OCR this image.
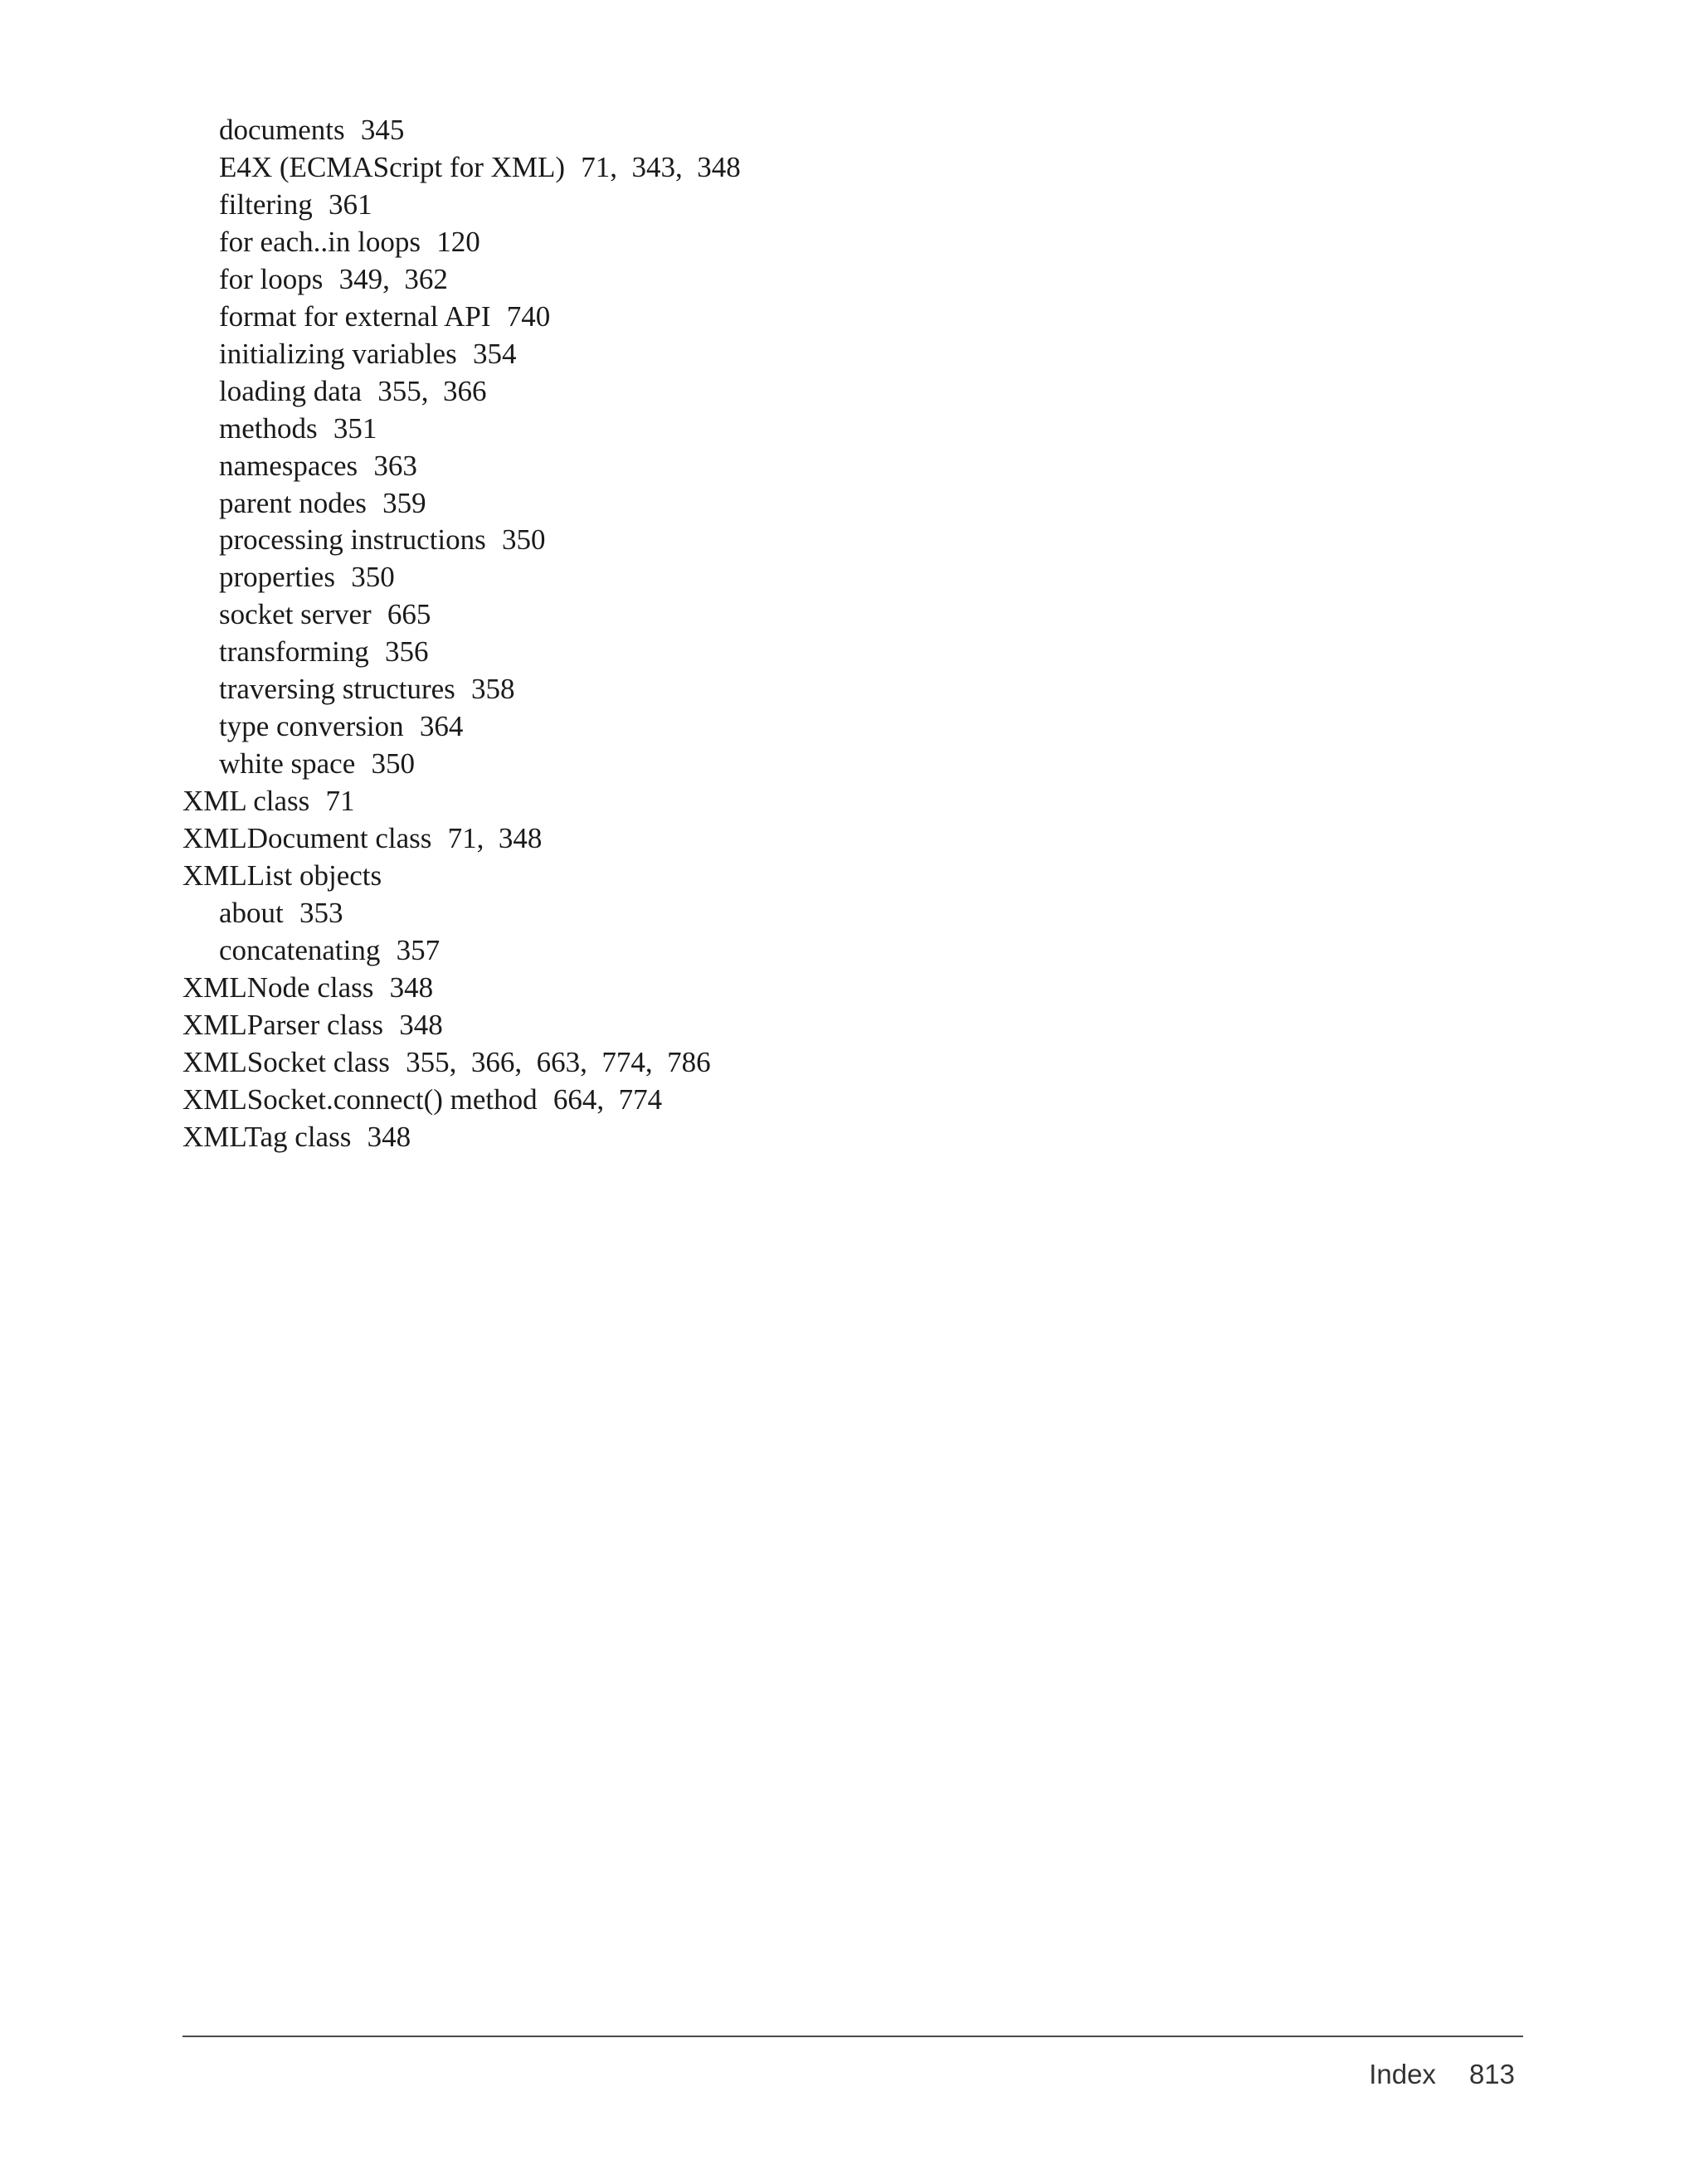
documents 345
E4X (ECMAScript for XML) 71,  343,  348
filtering 361
for each..in loops 120
for loops 349,  362
format for external API 740
initializing variables 354
loading data 355,  366
methods 351
namespaces 363
parent nodes 359
processing instructions 350
properties 350
socket server 665
transforming 356
traversing structures 358
type conversion 364
white space 350
XML class 71
XMLDocument class 71,  348
XMLList objects
about 353
concatenating 357
XMLNode class 348
XMLParser class 348
XMLSocket class 355,  366,  663,  774,  786
XMLSocket.connect() method 664,  774
XMLTag class 348
Index 813
